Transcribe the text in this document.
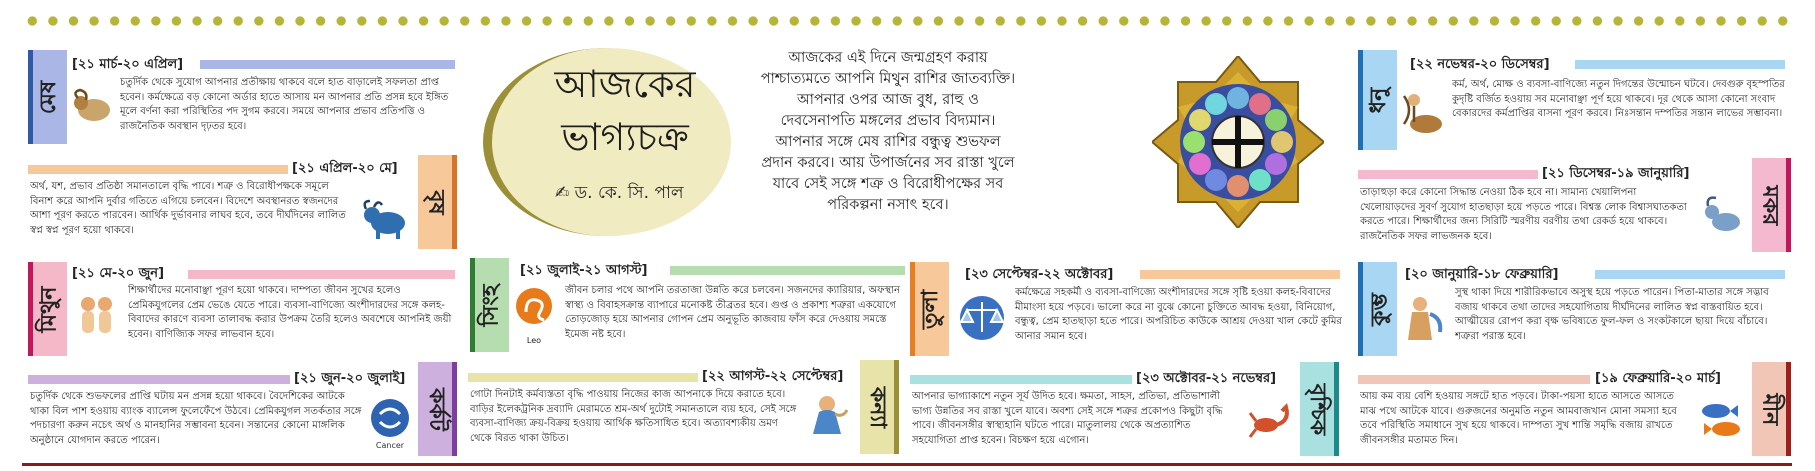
আজকের
ভাগ্যচক্র
✍ ড. কে. সি. পাল
আজকের এই দিনে জন্মগ্রহণ করায় পাশ্চাত্যমতে আপনি মিথুন রাশির জাতব্যক্তি। আপনার ওপর আজ বুধ, রাহু ও দেবসেনাপতি মঙ্গলের প্রভাব বিদ্যমান। আপনার সঙ্গে মেষ রাশির বন্ধুত্ব শুভফল প্রদান করবে। আয় উপার্জনের সব রাস্তা খুলে যাবে সেই সঙ্গে শত্রু ও বিরোধীপক্ষের সব পরিকল্পনা নসাৎ হবে।
মেষ
[২১ মার্চ-২০ এপ্রিল]
চতুর্দিক থেকে সুযোগ আপনার প্রতীক্ষায় থাকবে বলে হাত বাড়ালেই সফলতা প্রাপ্ত হবেন। কর্মক্ষেত্রে বড় কোনো অর্ডার হাতে আসায় মন আপনার প্রতি প্রসন্ন হবে ইঙ্গিত মূলে বর্ণনা করা পরিস্থিতির পদ সুগম করবে। সময়ে আপনার প্রভাব প্রতিপত্তি ও রাজনৈতিক অবস্থান দৃঢ়তর হবে।
[২১ এপ্রিল-২০ মে]
বৃষ
অর্থ, যশ, প্রভাব প্রতিষ্ঠা সমানতালে বৃদ্ধি পাবে। শত্রু ও বিরোধীপক্ষকে সমূলে বিনাশ করে আপনি দুর্বার গতিতে এগিয়ে চলবেন। বিদেশে অবস্থানরত স্বজনদের আশা পূরণ করতে পারবেন। আর্থিক দুর্ভাবনার লাঘব হবে, তবে দীর্ঘদিনের লালিত স্বপ্ন স্বপ্ন পূরণ হয়ো থাকবে।
মিথুন
[২১ মে-২০ জুন]
শিক্ষার্থীদের মনোবাঞ্ছা পূরণ হয়ো থাকবে। দাম্পত্য জীবন সুখের হলেও প্রেমিকযুগলের প্রেম ভেঙে যেতে পারে। ব্যবসা-বাণিজ্যে অংশীদারদের সঙ্গে কলহ-বিবাদের কারণে ব্যবসা তালাবদ্ধ করার উপক্রম তৈরি হলেও অবশেষে আপনিই জয়ী হবেন। বাণিজ্যিক সফর লাভবান হবে।
[২১ জুন-২০ জুলাই]
কর্কট
চতুর্দিক থেকে শুভফলের প্রাপ্তি ঘটায় মন প্রসন্ন হয়ো থাকবে। বৈদেশিকের আটকে থাকা বিল পাশ হওয়ায় ব্যাংক ব্যালেন্স ফুলেফেঁপে উঠবে। প্রেমিকযুগল সতর্কতার সঙ্গে পদচারণা করুন নচেৎ অর্থ ও মানহানির সম্ভাবনা হবেন। সন্তানের কোনো মাঙ্গলিক অনুষ্ঠানে যোগদান করতে পারেন।	Cancer
সিংহ
[২১ জুলাই-২১ আগস্ট]
Leo
জীবন চলার পথে আপনি তরতাজা উন্নতি করে চলবেন। সজনদের ক্যারিয়ার, অফস্থান স্বাস্থ্য ও বিবাহসক্রান্ত ব্যাপারে মনোকষ্ট তীব্রতর হবে। গুপ্ত ও প্রকাশ্য শত্রুরা একযোগে তোড়জোড় হয়ে আপনার গোপন প্রেম অনুভূতি কাজবায় ফাঁস করে দেওয়ায় সমস্তে ইমেজ নষ্ট হবে।
[২২ আগস্ট-২২ সেপ্টেম্বর]
কন্যা
গোটা দিনটাই কর্মব্যস্ততা বৃদ্ধি পাওয়ায় নিজের কাজ আপনাকে দিয়ে করাতে হবে। বাড়ির ইলেকট্রনিক দ্রব্যাদি মেরামতে শ্রম-অর্থ দুটোই সমানতালে ব্যয় হবে, সেই সঙ্গে ব্যবসা-বাণিজ্য ক্রয়-বিক্রয় হওয়ায় আর্থিক ক্ষতিসাধিত হবে। অত্যাবশ্যকীয় ভ্রমণ থেকে বিরত থাকা উচিত।
তুলা
[২৩ সেপ্টেম্বর-২২ অক্টোবর]
কর্মক্ষেত্রে সহকর্মী ও ব্যবসা-বাণিজ্যে অংশীদারদের সঙ্গে সৃষ্টি হওয়া কলহ-বিবাদের মীমাংসা হয়ে পড়বে। ভালো করে না বুঝে কোনো চুক্তিতে আবদ্ধ হওয়া, বিনিয়োগ, বন্ধুত্ব, প্রেম হাতছাড়া হতে পারে। অপরিচিত কাউকে আশ্রয় দেওয়া খাল কেটে কুমির আনার সমান হবে।
[২৩ অক্টোবর-২১ নভেম্বর]
বৃশ্চিক
আপনার ভাগ্যাকাশে নতুন সূর্য উদিত হবে। ক্ষমতা, সাহস, প্রতিভা, প্রতিভাশালী ভাগ্য উন্নতির সব রাস্তা খুলে যাবে। অবশ্য সেই সঙ্গে শত্রুর প্রকোপও কিছুটা বৃদ্ধি পাবে। জীবনসঙ্গীর স্বাস্থ্যহানি ঘটতে পারে। মাতুলালয় থেকে অপ্রত্যাশিত সহযোগিতা প্রাপ্ত হবেন। বিচক্ষণ হয়ে এগোন।
ধনু
[২২ নভেম্বর-২০ ডিসেম্বর]
কর্ম, অর্থ, মোক্ষ ও ব্যবসা-বাণিজ্যে নতুন দিগন্তের উন্মোচন ঘটবে। দেবগুরু বৃহস্পতির কুদৃষ্টি বর্জিত হওয়ায় সব মনোবাঞ্ছা পূর্ণ হয়ে থাকবে। দূর থেকে আসা কোনো সংবাদ বেকারদের কর্মপ্রাপ্তির বাসনা পূরণ করবে। নিঃসন্তান দম্পতির সন্তান লাভের সম্ভাবনা।
[২১ ডিসেম্বর-১৯ জানুয়ারি]
মকর
তাড়াহুড়া করে কোনো সিদ্ধান্ত নেওয়া ঠিক হবে না। সামান্য খেয়ালিপনা খেলোয়াড়দের সুবর্ণ সুযোগ হাতছাড়া হয়ে পড়তে পারে। বিশ্বস্ত লোক বিশ্বাসঘাতকতা করতে পারে। শিক্ষার্থীদের জন্য সিরিটি স্মরণীয় বরণীয় তথা রেকর্ড হয়ে থাকবে। রাজনৈতিক সফর লাভজনক হবে।
কুম্ভ
[২০ জানুয়ারি-১৮ ফেব্রুয়ারি]
সুস্থ থাকা দিয়ে শারীরিকভাবে অসুস্থ হয়ে পড়তে পারেন। পিতা-মাতার সঙ্গে সদ্ভাব বজায় থাকবে তথা তাদের সহযোগিতায় দীর্ঘদিনের লালিত স্বপ্ন বাস্তবায়িত হবে। আত্মীয়ের রোপণ করা বৃক্ষ ভবিষ্যতে ফুল-ফল ও সংকটকালে ছায়া দিয়ে বাঁচাবে। শত্রুরা পরাস্ত হবে।
[১৯ ফেব্রুয়ারি-২০ মার্চ]
মীন
আয় কম ব্যয় বেশি হওয়ায় সঙ্গটে হাত পড়বে। টাকা-পয়সা হাতে আসতে আসতে মাঝ পথে আটকে যাবে। গুরুজনের অনুমতি নতুন আমবাজখান মোনা সমস্যা হবে তবে পরিস্থিতি সমাধানে সুখ হয়ে থাকবে। দাম্পত্য সুখ শান্তি সমৃদ্ধি বজায় রাখতে জীবনসঙ্গীর মতামত দিন।
